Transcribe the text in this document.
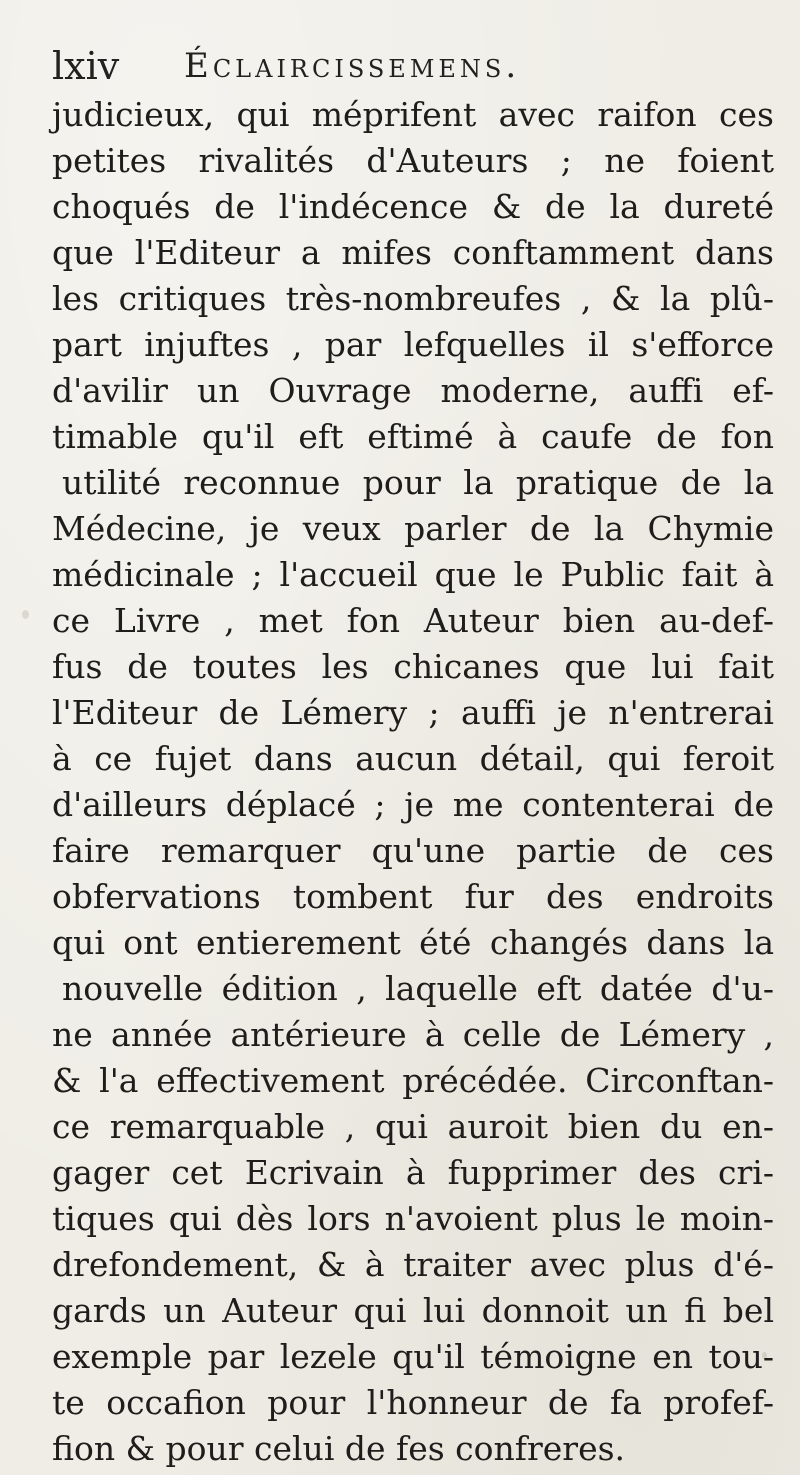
lxiv Éclaircissemens.
judicieux, qui méprifent avec raifon ces
petites rivalités d'Auteurs ; ne foient
choqués de l'indécence & de la dureté
que l'Editeur a mifes conftamment dans
les critiques très-nombreufes , & la plû-
part injuftes , par lefquelles il s'efforce
d'avilir un Ouvrage moderne, auffi ef-
timable qu'il eft eftimé à caufe de fon
utilité reconnue pour la pratique de la
Médecine, je veux parler de la Chymie
médicinale ; l'accueil que le Public fait à
ce Livre , met fon Auteur bien au-def-
fus de toutes les chicanes que lui fait
l'Editeur de Lémery ; auffi je n'entrerai
à ce fujet dans aucun détail, qui feroit
d'ailleurs déplacé ; je me contenterai de
faire remarquer qu'une partie de ces
obfervations tombent fur des endroits
qui ont entierement été changés dans la
nouvelle édition , laquelle eft datée d'u-
ne année antérieure à celle de Lémery ,
& l'a effectivement précédée. Circonftan-
ce remarquable , qui auroit bien du en-
gager cet Ecrivain à fupprimer des cri-
tiques qui dès lors n'avoient plus le moin-
drefondement, & à traiter avec plus d'é-
gards un Auteur qui lui donnoit un fi bel
exemple par lezele qu'il témoigne en tou-
te occafion pour l'honneur de fa profef-
fion & pour celui de fes confreres.
